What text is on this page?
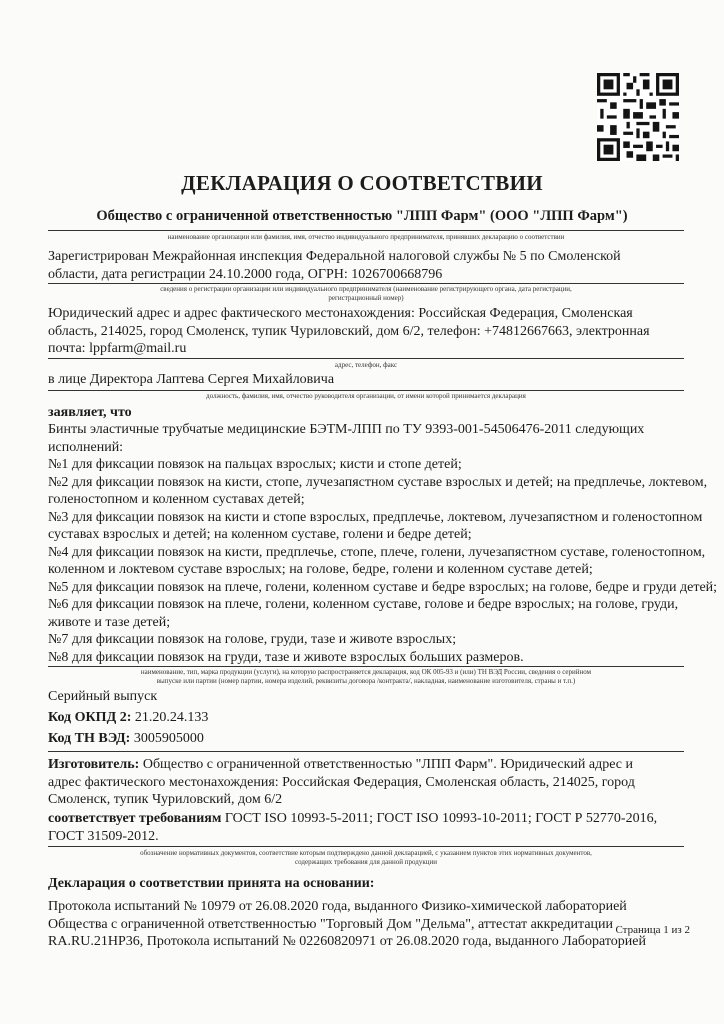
ДЕКЛАРАЦИЯ О СООТВЕТСТВИИ
Общество с ограниченной ответственностью "ЛПП Фарм" (ООО "ЛПП Фарм")
наименование организации или фамилия, имя, отчество индивидуального предпринимателя, принявших декларацию о соответствии
Зарегистрирован Межрайонная инспекция Федеральной налоговой службы № 5 по Смоленской
области, дата регистрации 24.10.2000 года, ОГРН: 1026700668796
сведения о регистрации организации или индивидуального предпринимателя (наименование регистрирующего органа, дата регистрации,
регистрационный номер)
Юридический адрес и адрес фактического местонахождения: Российская Федерация, Смоленская
область, 214025, город Смоленск, тупик Чуриловский, дом 6/2, телефон: +74812667663, электронная
почта: lppfarm@mail.ru
адрес, телефон, факс
в лице Директора Лаптева Сергея Михайловича
должность, фамилия, имя, отчество руководителя организации, от имени которой принимается декларация
заявляет, что
Бинты эластичные трубчатые медицинские БЭТМ-ЛПП по ТУ 9393-001-54506476-2011 следующих
исполнений:
№1 для фиксации повязок на пальцах взрослых; кисти и стопе детей;
№2 для фиксации повязок на кисти, стопе, лучезапястном суставе взрослых и детей; на предплечье, локтевом,
голеностопном и коленном суставах детей;
№3 для фиксации повязок на кисти и стопе взрослых, предплечье, локтевом, лучезапястном и голеностопном
суставах взрослых и детей; на коленном суставе, голени и бедре детей;
№4 для фиксации повязок на кисти, предплечье, стопе, плече, голени, лучезапястном суставе, голеностопном,
коленном и локтевом суставе взрослых; на голове, бедре, голени и коленном суставе детей;
№5 для фиксации повязок на плече, голени, коленном суставе и бедре взрослых; на голове, бедре и груди детей;
№6 для фиксации повязок на плече, голени, коленном суставе, голове и бедре взрослых; на голове, груди,
животе и тазе детей;
№7 для фиксации повязок на голове, груди, тазе и животе взрослых;
№8 для фиксации повязок на груди, тазе и животе взрослых больших размеров.
наименование, тип, марка продукции (услуги), на которую распространяется декларация, код ОК 005-93 и (или) ТН ВЭД России, сведения о серийном
выпуске или партии (номер партии, номера изделий, реквизиты договора /контракта/, накладная, наименование изготовителя, страны и т.п.)
Серийный выпуск
Код ОКПД 2: 21.20.24.133
Код ТН ВЭД: 3005905000
Изготовитель: Общество с ограниченной ответственностью "ЛПП Фарм". Юридический адрес и
адрес фактического местонахождения: Российская Федерация, Смоленская область, 214025, город
Смоленск, тупик Чуриловский, дом 6/2
соответствует требованиям ГОСТ ISO 10993-5-2011; ГОСТ ISO 10993-10-2011; ГОСТ Р 52770-2016,
ГОСТ 31509-2012.
обозначение нормативных документов, соответствие которым подтверждено данной декларацией, с указанием пунктов этих нормативных документов,
содержащих требования для данной продукции
Декларация о соответствии принята на основании:
Протокола испытаний № 10979 от 26.08.2020 года, выданного Физико-химической лабораторией
Общества с ограниченной ответственностью "Торговый Дом "Дельма", аттестат аккредитации
RA.RU.21HP36, Протокола испытаний № 02260820971 от 26.08.2020 года, выданного Лабораторией
Страница 1 из 2
